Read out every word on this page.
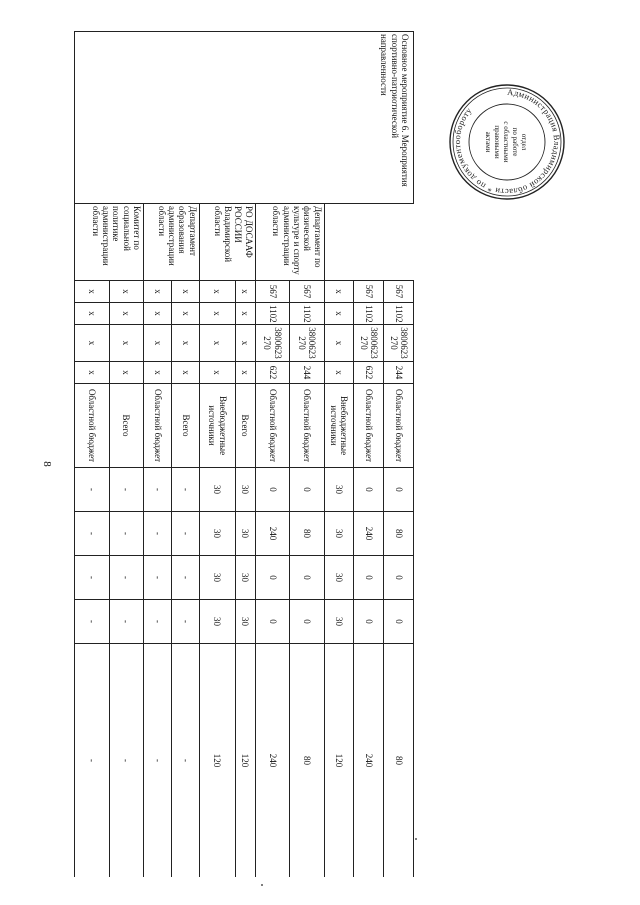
8
Основное мероприятие 6. Мероприятия спортивно-патриотической направленности		567	1102	3800623 270	244	Областной бюджет	0	80	0	0	80
		567	1102	3800623 270	622	Областной бюджет	0	240	0	0	240
		x	x	x	x	Внебюджетные источники	30	30	30	30	120
	Департамент по физической культуре и спорту администрации области	567	1102	3800623 270	244	Областной бюджет	0	80	0	0	80
		567	1102	3800623 270	622	Областной бюджет	0	240	0	0	240
	РО ДОСААФ РОССИИ Владимирской области	x	x	x	x	Всего	30	30	30	30	120
		x	x	x	x	Внебюджетные источники	30	30	30	30	120
	Департамент образования администрации области	x	x	x	x	Всего	-	-	-	-	-
		x	x	x	x	Областной бюджет	-	-	-	-	-
	Комитет по социальной политике администрации области	x	x	x	x	Всего	-	-	-	-	-
		x	x	x	x	Областной бюджет	-	-	-	-	-
Администрация Владимирской области * по документообороту
отдел
по работе
с областными
правовыми
актами
